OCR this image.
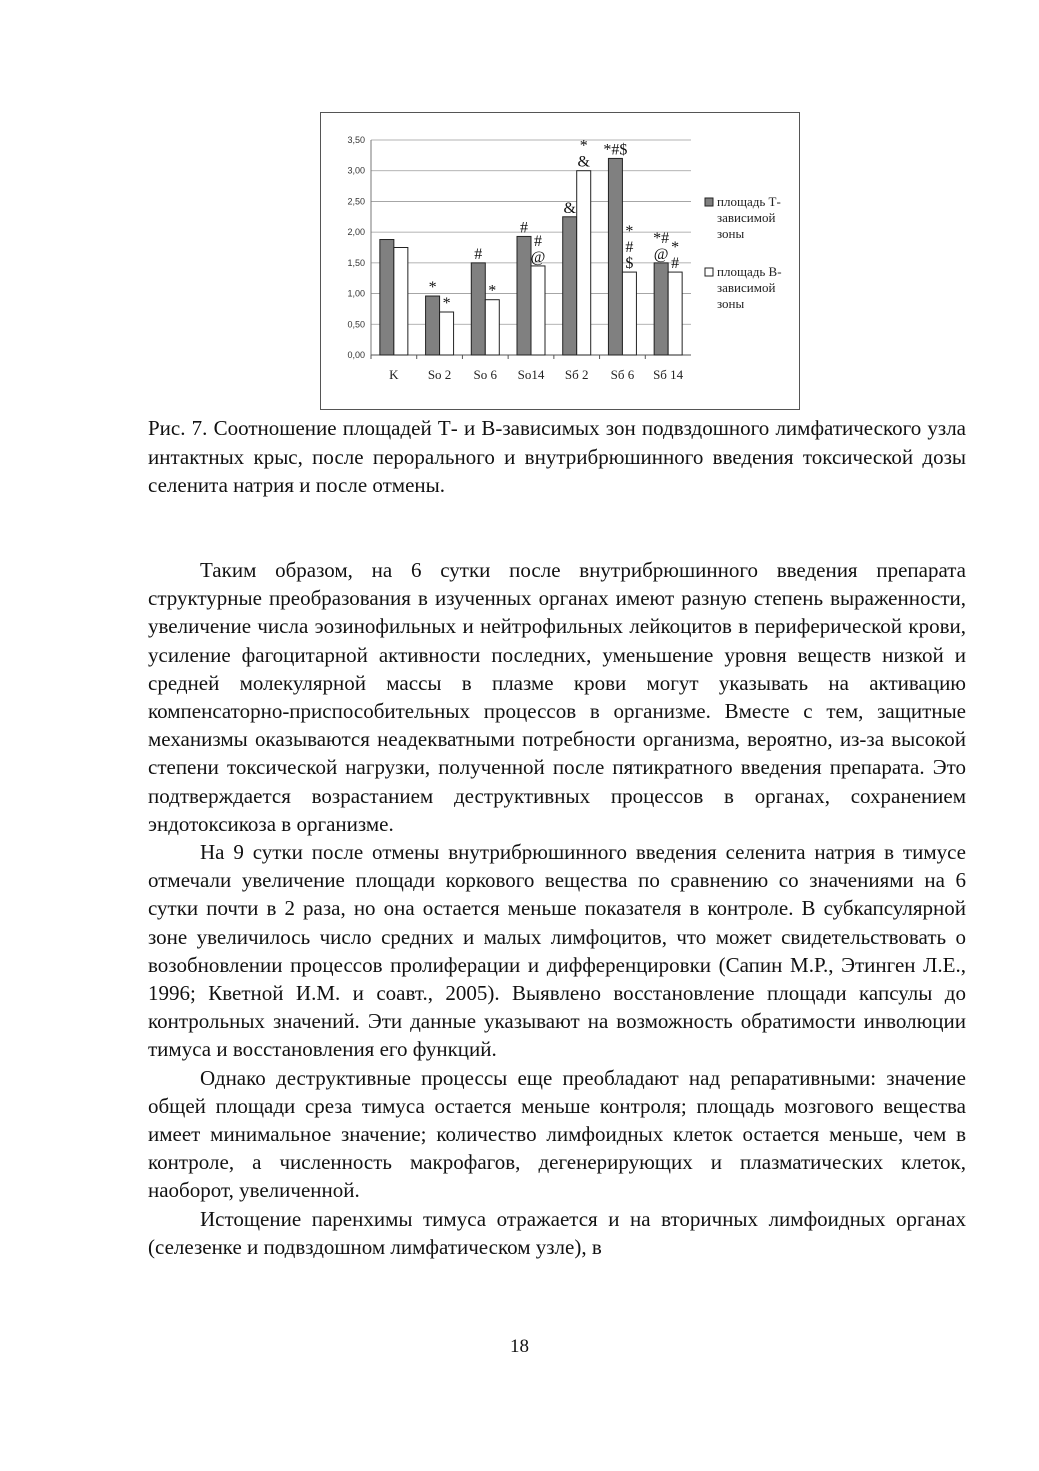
0,00
0,50
1,00
1,50
2,00
2,50
3,00
3,50
K
*
*
So 2
#
*
So 6
#
#
@
So14
&
*
&
Sб 2
*#$
*
#
$
Sб 6
*#
@ *
#
Sб 14
площадь Т-
зависимой
зоны
площадь В-
зависимой
зоны
Рис. 7. Соотношение площадей Т- и В-зависимых зон подвздошного лимфатического узла интактных крыс, после перорального и внутрибрюшинного введения токсической дозы селенита натрия и после отмены.

Таким образом, на 6 сутки после внутрибрюшинного введения препарата структурные преобразования в изученных органах имеют разную степень выраженности, увеличение числа эозинофильных и нейтрофильных лейкоцитов в периферической крови, усиление фагоцитарной активности последних, уменьшение уровня веществ низкой и средней молекулярной массы в плазме крови могут указывать на активацию компенсаторно-приспособительных процессов в организме. Вместе с тем, защитные механизмы оказываются неадекватными потребности организма, вероятно, из-за высокой степени токсической нагрузки, полученной после пятикратного введения препарата. Это подтверждается возрастанием деструктивных процессов в органах, сохранением эндотоксикоза в организме.

На 9 сутки после отмены внутрибрюшинного введения селенита натрия в тимусе отмечали увеличение площади коркового вещества по сравнению со значениями на 6 сутки почти в 2 раза, но она остается меньше показателя в контроле. В субкапсулярной зоне увеличилось число средних и малых лимфоцитов, что может свидетельствовать о возобновлении процессов пролиферации и дифференцировки (Сапин М.Р., Этинген Л.Е., 1996; Кветной И.М. и соавт., 2005). Выявлено восстановление площади капсулы до контрольных значений. Эти данные указывают на возможность обратимости инволюции тимуса и восстановления его функций.

Однако деструктивные процессы еще преобладают над репаративными: значение общей площади среза тимуса остается меньше контроля; площадь мозгового вещества имеет минимальное значение; количество лимфоидных клеток остается меньше, чем в контроле, а численность макрофагов, дегенерирующих и плазматических клеток, наоборот, увеличенной.

Истощение паренхимы тимуса отражается и на вторичных лимфоидных органах (селезенке и подвздошном лимфатическом узле), в

18
